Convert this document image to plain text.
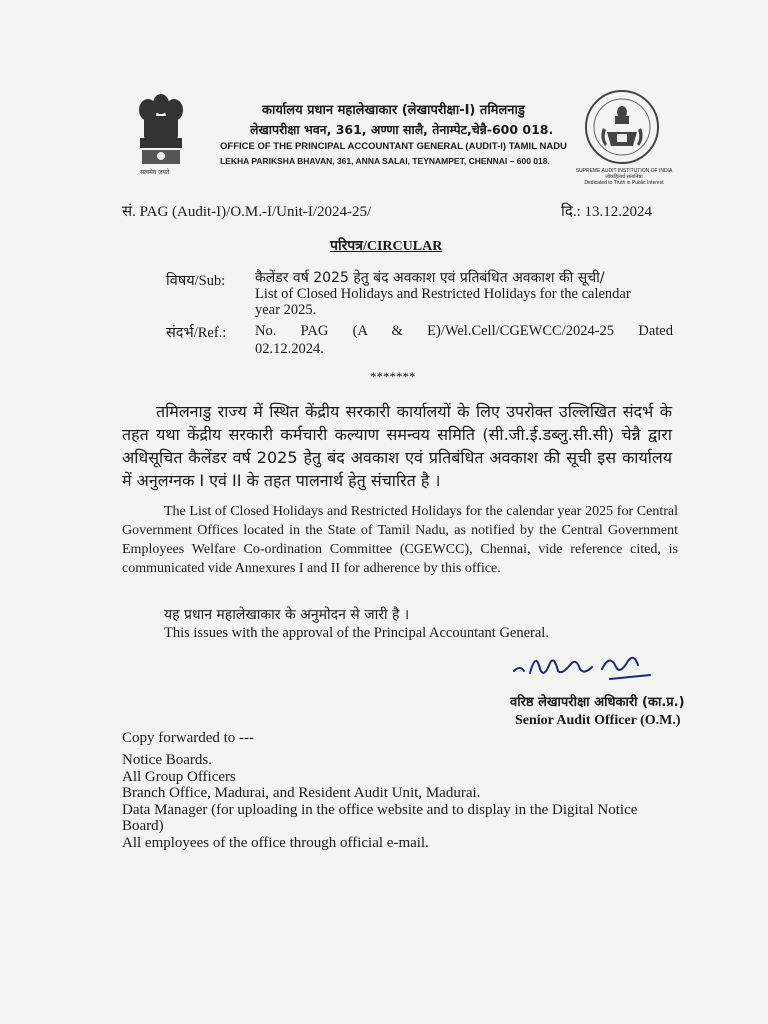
सत्यमेव जयते
कार्यालय प्रधान महालेखाकार (लेखापरीक्षा-I) तमिलनाडु
लेखापरीक्षा भवन, 361, अण्णा सालै, तेनाम्पेट,चेन्नै-600 018.
OFFICE OF THE PRINCIPAL ACCOUNTANT GENERAL (AUDIT-I) TAMIL NADU
LEKHA PARIKSHA BHAVAN, 361, ANNA SALAI, TEYNAMPET, CHENNAI – 600 018.
SUPREME AUDIT INSTITUTION OF INDIA
लोकहितार्थ सत्यनिष्ठा
Dedicated to Truth in Public Interest
सं. PAG (Audit-I)/O.M.-I/Unit-I/2024-25/	दि.: 13.12.2024
परिपत्र/CIRCULAR
विषय/Sub: कैलेंडर वर्ष 2025 हेतु बंद अवकाश एवं प्रतिबंधित अवकाश की सूची/
List of Closed Holidays and Restricted Holidays for the calendar
year 2025.
संदर्भ/Ref.: No. PAG (A & E)/Wel.Cell/CGEWCC/2024-25 Dated
02.12.2024.
*******
तमिलनाडु राज्य में स्थित केंद्रीय सरकारी कार्यालयों के लिए उपरोक्त उल्लिखित संदर्भ के तहत यथा केंद्रीय सरकारी कर्मचारी कल्याण समन्वय समिति (सी.जी.ई.डब्लु.सी.सी) चेन्नै द्वारा अधिसूचित कैलेंडर वर्ष 2025 हेतु बंद अवकाश एवं प्रतिबंधित अवकाश की सूची इस कार्यालय में अनुलग्नक I एवं II के तहत पालनार्थ हेतु संचारित है ।
The List of Closed Holidays and Restricted Holidays for the calendar year 2025 for Central Government Offices located in the State of Tamil Nadu, as notified by the Central Government Employees Welfare Co-ordination Committee (CGEWCC), Chennai, vide reference cited, is communicated vide Annexures I and II for adherence by this office.
यह प्रधान महालेखाकार के अनुमोदन से जारी है ।
This issues with the approval of the Principal Accountant General.
वरिष्ठ लेखापरीक्षा अधिकारी (का.प्र.)
Senior Audit Officer (O.M.)
Copy forwarded to ---
Notice Boards.
All Group Officers
Branch Office, Madurai, and Resident Audit Unit, Madurai.
Data Manager (for uploading in the office website and to display in the Digital Notice Board)
All employees of the office through official e-mail.
